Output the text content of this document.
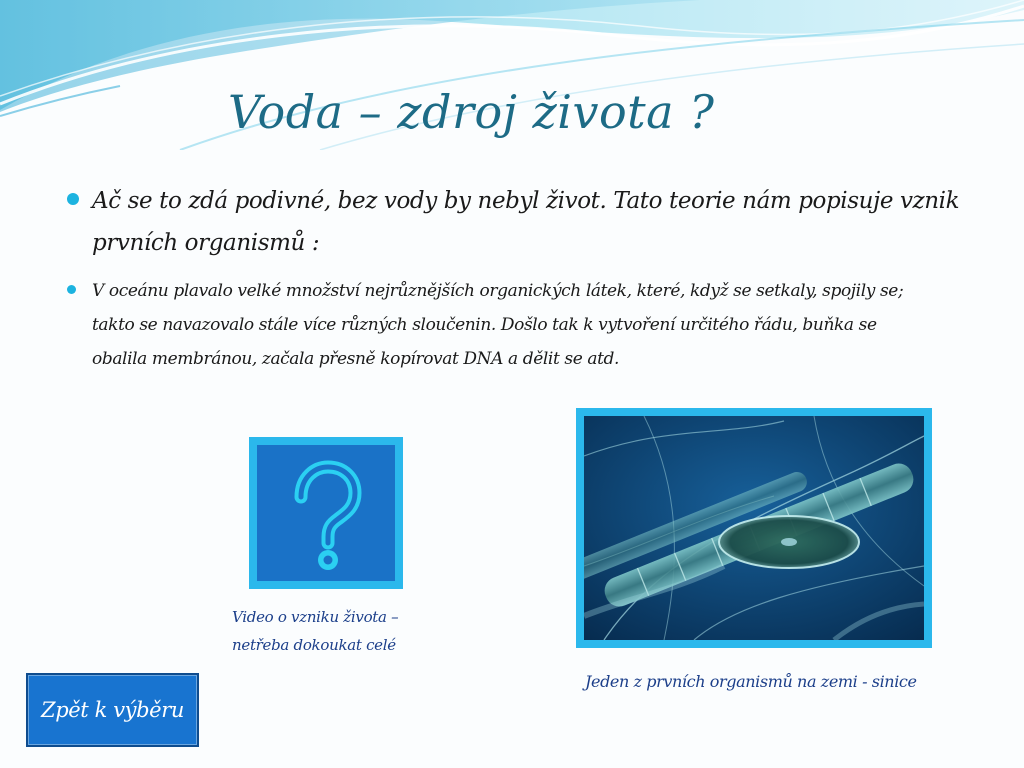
Voda – zdroj života ?
Ač se to zdá podivné, bez vody by nebyl život. Tato teorie nám popisuje vznik prvních organismů :
V oceánu plavalo velké množství nejrůznějších organických látek, které, když se setkaly, spojily se; takto se navazovalo stále více různých sloučenin. Došlo tak k vytvoření určitého řádu, buňka se obalila membránou, začala přesně kopírovat DNA a dělit se atd.
Video o vzniku života – netřeba dokoukat celé
Jeden z prvních organismů na zemi - sinice
Zpět k výběru
